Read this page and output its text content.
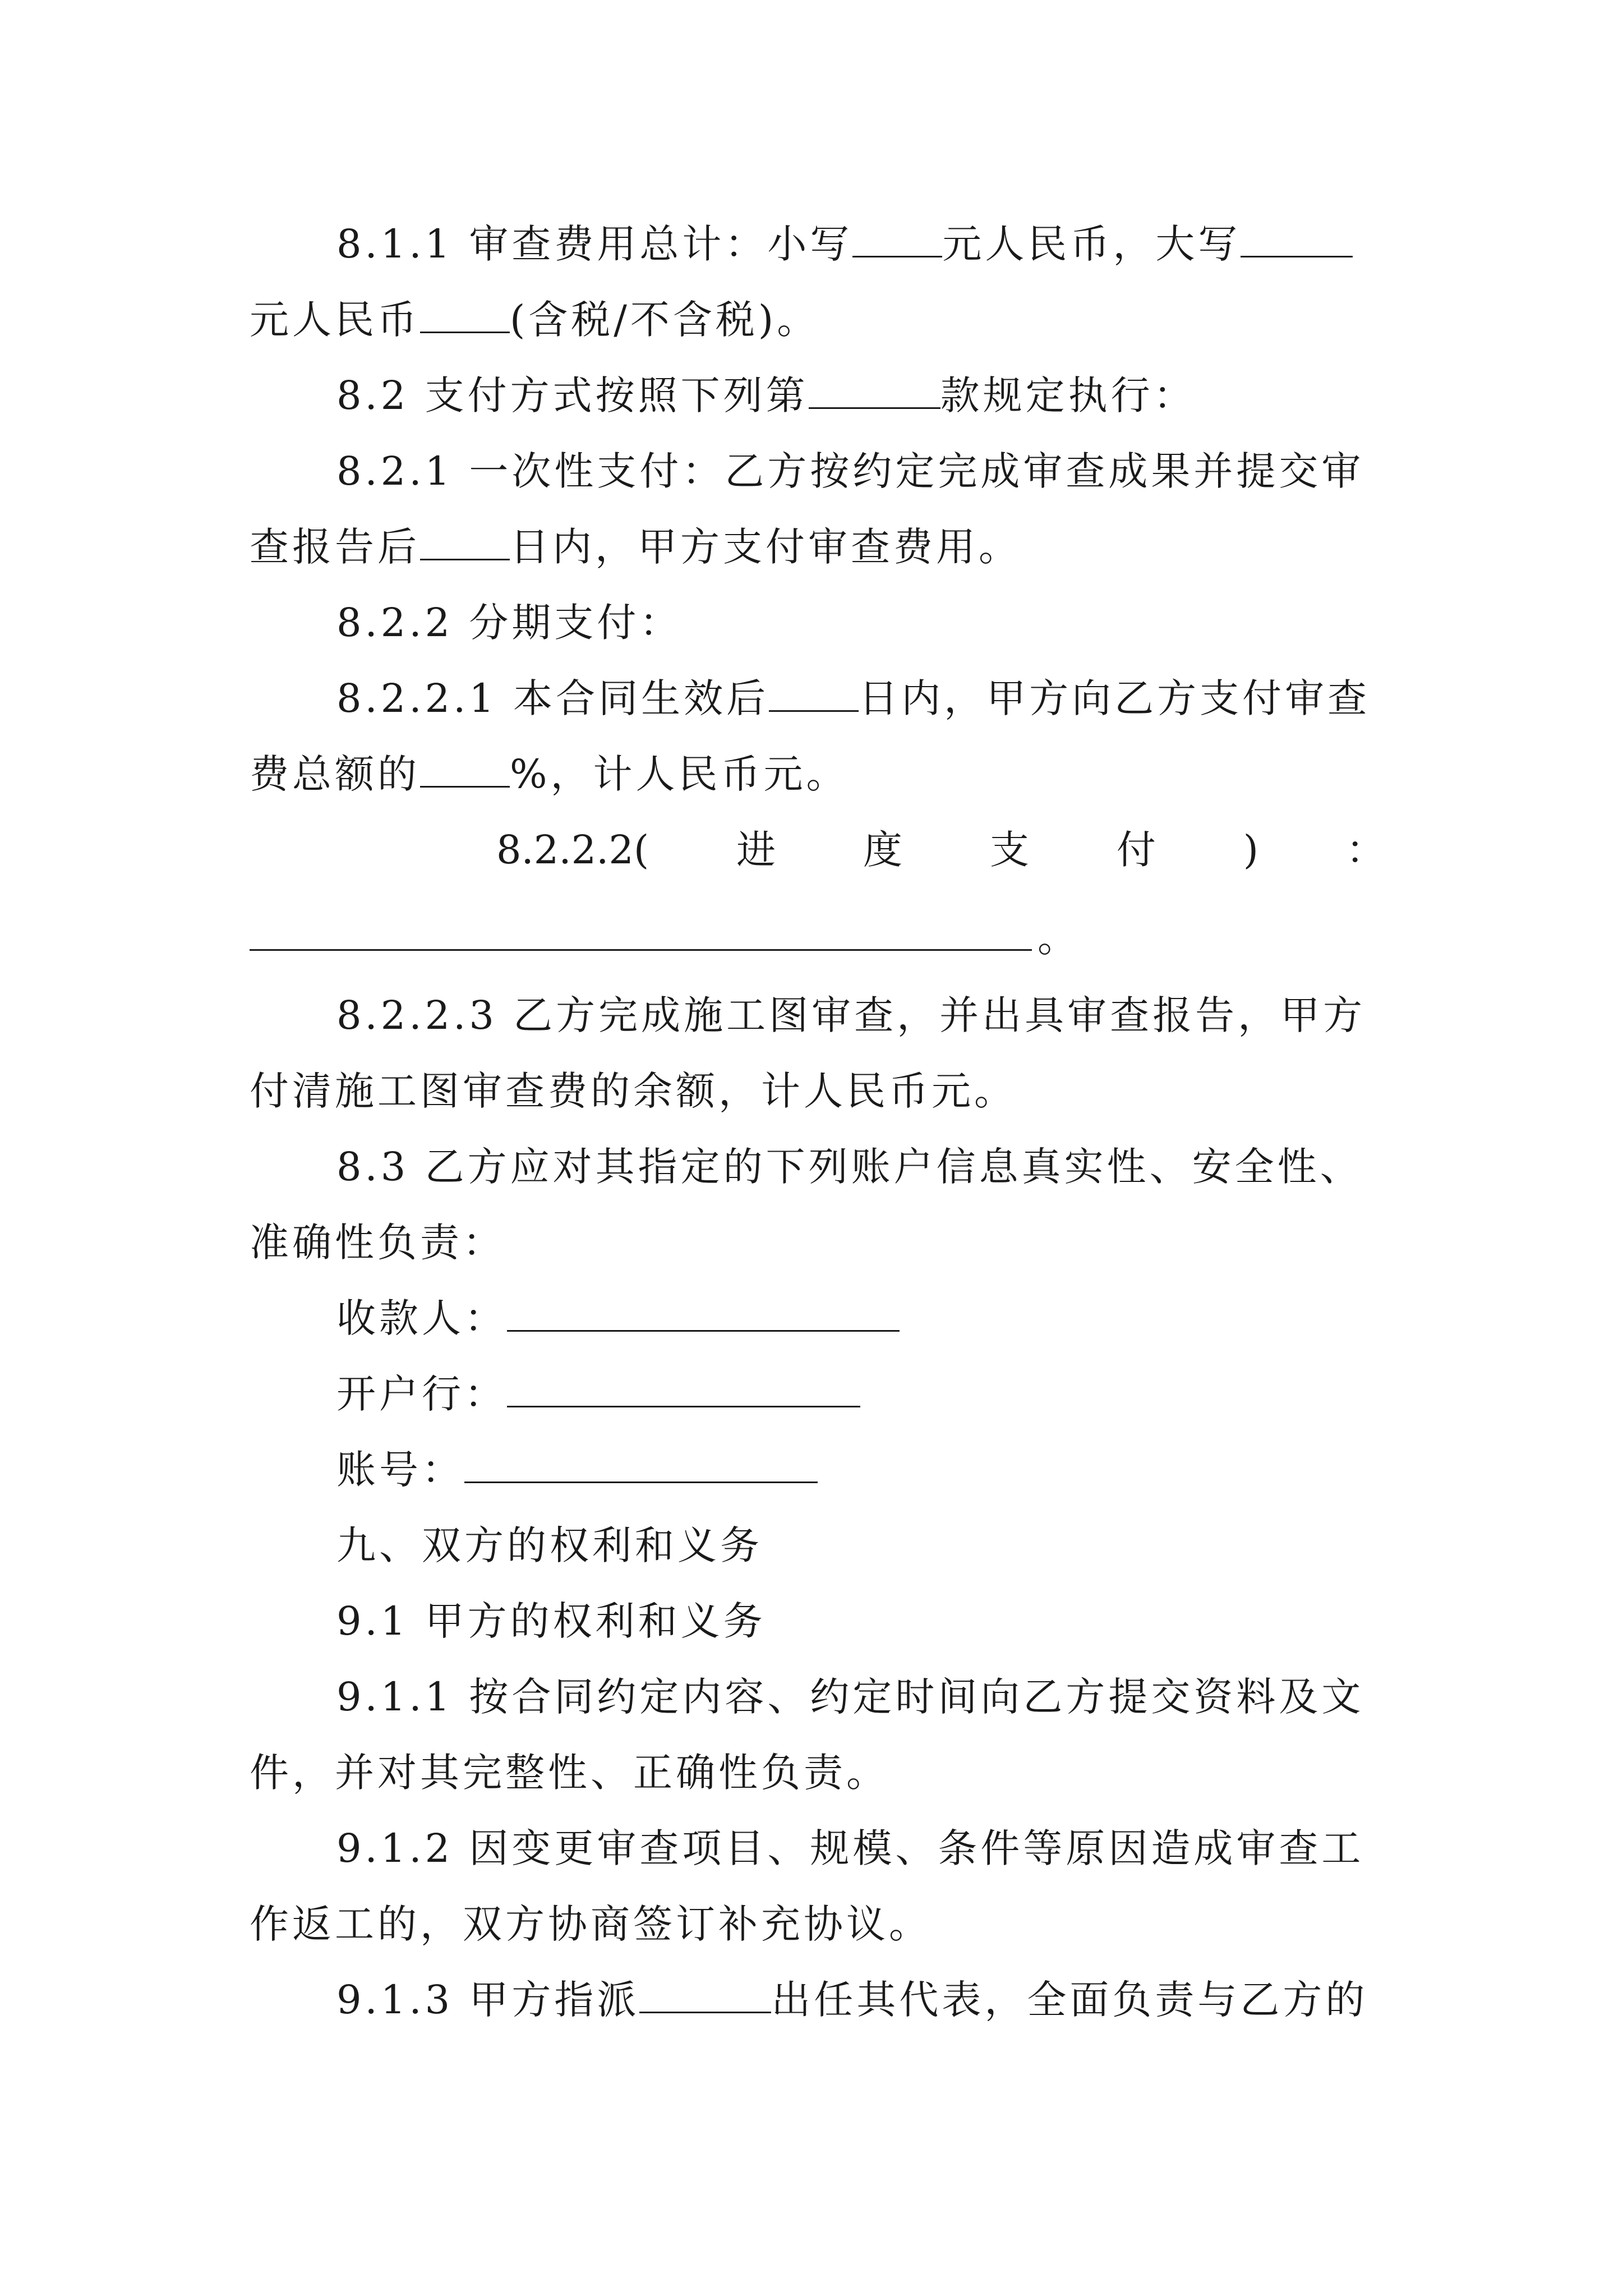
8.1.1 审查费用总计：小写 元人民币，大写
元人民币 (含税/不含税)。
8.2 支付方式按照下列第	款规定执行：
8.2.1 一次性支付：乙方按约定完成审查成果并提交审
查报告后 日内，甲方支付审查费用。
8.2.2 分期支付：
8.2.2.1 本合同生效后 日内，甲方向乙方支付审查
费总额的 %，计人民币元。
8.2.2.2( 进 度 支 付 ) ：
。
8.2.2.3 乙方完成施工图审查，并出具审查报告，甲方
付清施工图审查费的余额，计人民币元。
8.3 乙方应对其指定的下列账户信息真实性、安全性、
准确性负责：
收款人：
开户行：
账号：
九、双方的权利和义务
9.1 甲方的权利和义务
9.1.1 按合同约定内容、约定时间向乙方提交资料及文
件，并对其完整性、正确性负责。
9.1.2 因变更审查项目、规模、条件等原因造成审查工
作返工的，双方协商签订补充协议。
9.1.3 甲方指派	出任其代表，全面负责与乙方的
